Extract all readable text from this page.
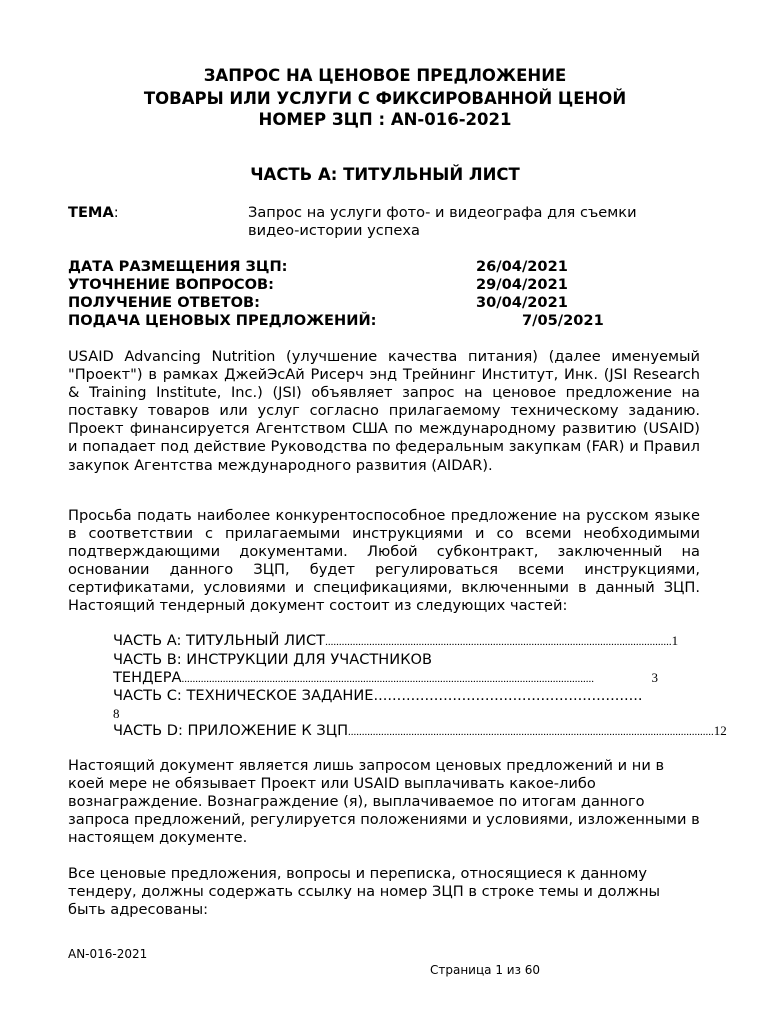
ЗАПРОС НА ЦЕНОВОЕ ПРЕДЛОЖЕНИЕ
ТОВАРЫ ИЛИ УСЛУГИ С ФИКСИРОВАННОЙ ЦЕНОЙ
НОМЕР ЗЦП : AN-016-2021
ЧАСТЬ А: ТИТУЛЬНЫЙ ЛИСТ
ТЕМА:	Запрос на услуги фото- и видеографа для съемки
видео-истории успеха
ДАТА РАЗМЕЩЕНИЯ ЗЦП:	26/04/2021
УТОЧНЕНИЕ ВОПРОСОВ:	29/04/2021
ПОЛУЧЕНИЕ ОТВЕТОВ:	30/04/2021
ПОДАЧА ЦЕНОВЫХ ПРЕДЛОЖЕНИЙ:	7/05/2021
USAID Advancing Nutrition (улучшение качества питания) (далее именуемый "Проект") в рамках ДжейЭсАй Рисерч энд Трейнинг Институт, Инк. (JSI Research & Training Institute, Inc.) (JSI) объявляет запрос на ценовое предложение на поставку товаров или услуг согласно прилагаемому техническому заданию. Проект финансируется Агентством США по международному развитию (USAID) и попадает под действие Руководства по федеральным закупкам (FAR) и Правил закупок Агентства международного развития (AIDAR).
Просьба подать наиболее конкурентоспособное предложение на русском языке в соответствии с прилагаемыми инструкциями и со всеми необходимыми подтверждающими документами. Любой субконтракт, заключенный на основании данного ЗЦП, будет регулироваться всеми инструкциями, сертификатами, условиями и спецификациями, включенными в данный ЗЦП. Настоящий тендерный документ состоит из следующих частей:
ЧАСТЬ A: ТИТУЛЬНЫЙ ЛИСТ .............................................................................................................................. 1
ЧАСТЬ B: ИНСТРУКЦИИ ДЛЯ УЧАСТНИКОВ
ТЕНДЕРА ......................................................................................................................................................	3
ЧАСТЬ C: ТЕХНИЧЕСКОЕ ЗАДАНИЕ..........................................................
8
ЧАСТЬ D: ПРИЛОЖЕНИЕ К ЗЦП ..................................................................................................................................... 12
Настоящий документ является лишь запросом ценовых предложений и ни в коей мере не обязывает Проект или USAID выплачивать какое-либо вознаграждение. Вознаграждение (я), выплачиваемое по итогам данного запроса предложений, регулируется положениями и условиями, изложенными в настоящем документе.
Все ценовые предложения, вопросы и переписка, относящиеся к данному тендеру, должны содержать ссылку на номер ЗЦП в строке темы и должны быть адресованы:
AN-016-2021
Страница 1 из 60
